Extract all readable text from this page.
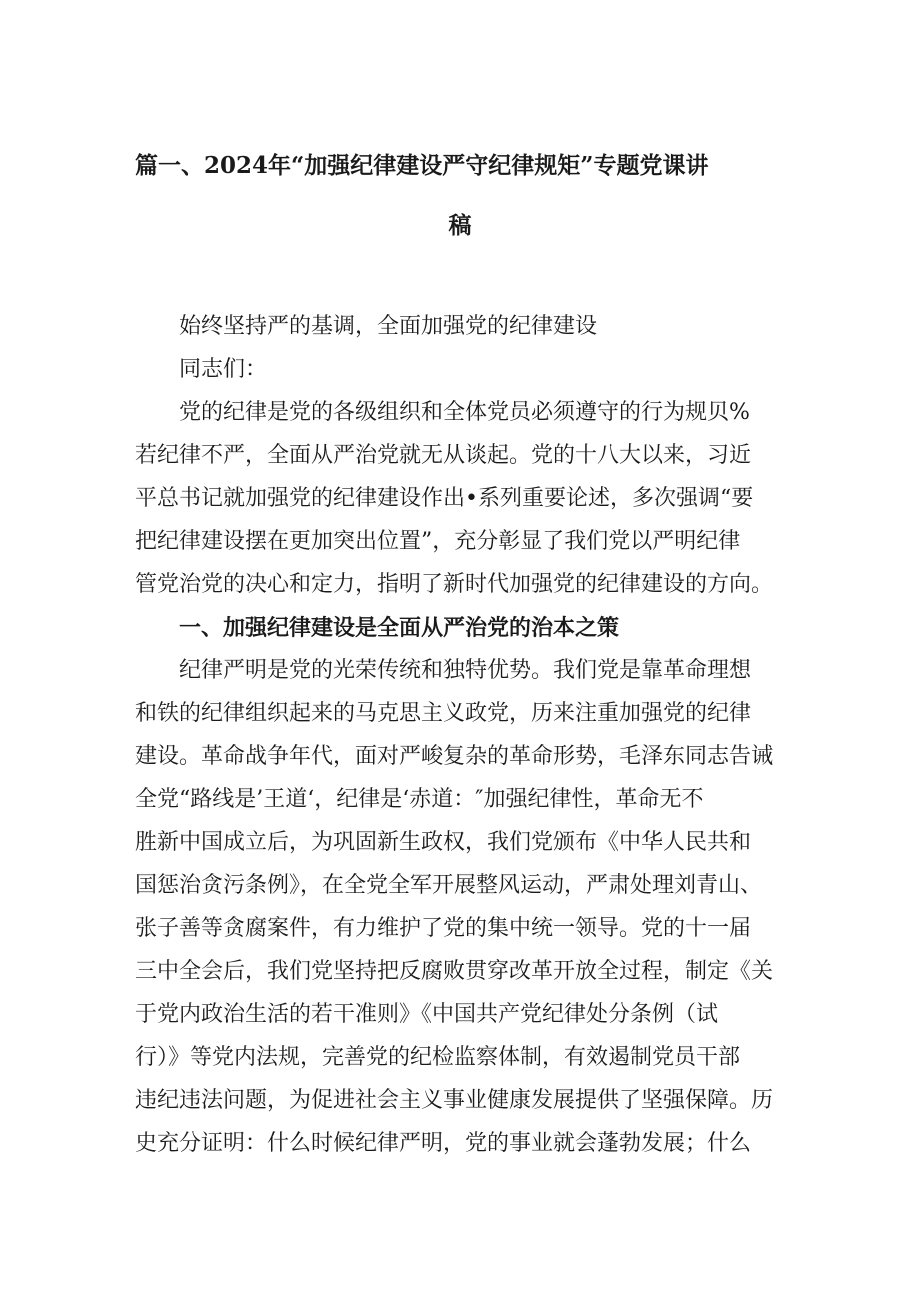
篇一、2024年“加强纪律建设严守纪律规矩”专题党课讲
稿
始终坚持严的基调，全面加强党的纪律建设
同志们：
党的纪律是党的各级组织和全体党员必须遵守的行为规贝%
若纪律不严，全面从严治党就无从谈起。党的十八大以来，习近
平总书记就加强党的纪律建设作出•系列重要论述，多次强调“要
把纪律建设摆在更加突出位置”，充分彰显了我们党以严明纪律
管党治党的决心和定力，指明了新时代加强党的纪律建设的方向。
一、加强纪律建设是全面从严治党的治本之策
纪律严明是党的光荣传统和独特优势。我们党是靠革命理想
和铁的纪律组织起来的马克思主义政党，历来注重加强党的纪律
建设。革命战争年代，面对严峻复杂的革命形势，毛泽东同志告诫
全党“路线是’王道‘，纪律是‘赤道：″加强纪律性，革命无不
胜新中国成立后，为巩固新生政权，我们党颁布《中华人民共和
国惩治贪污条例》，在全党全军开展整风运动，严肃处理刘青山、
张子善等贪腐案件，有力维护了党的集中统一领导。党的十一届
三中全会后，我们党坚持把反腐败贯穿改革开放全过程，制定《关
于党内政治生活的若干准则》《中国共产党纪律处分条例（试
行）》等党内法规，完善党的纪检监察体制，有效遏制党员干部
违纪违法问题，为促进社会主义事业健康发展提供了坚强保障。历
史充分证明：什么时候纪律严明，党的事业就会蓬勃发展；什么
